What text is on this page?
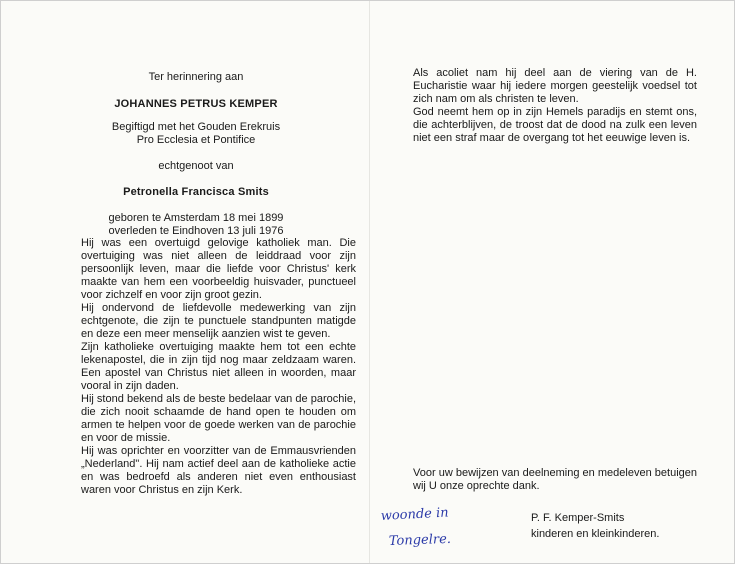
Ter herinnering aan
JOHANNES PETRUS KEMPER
Begiftigd met het Gouden Erekruis
Pro Ecclesia et Pontifice
echtgenoot van
Petronella Francisca Smits
geboren te Amsterdam 18 mei 1899
overleden te Eindhoven 13 juli 1976

Hij was een overtuigd gelovige katholiek man. Die overtuiging was niet alleen de leiddraad voor zijn persoonlijk leven, maar die liefde voor Christus' kerk maakte van hem een voorbeeldig huisvader, punctueel voor zichzelf en voor zijn groot gezin.

Hij ondervond de liefdevolle medewerking van zijn echtgenote, die zijn te punctuele standpunten matigde en deze een meer menselijk aanzien wist te geven.

Zijn katholieke overtuiging maakte hem tot een echte lekenapostel, die in zijn tijd nog maar zeldzaam waren. Een apostel van Christus niet alleen in woorden, maar vooral in zijn daden.

Hij stond bekend als de beste bedelaar van de parochie, die zich nooit schaamde de hand open te houden om armen te helpen voor de goede werken van de parochie en voor de missie.

Hij was oprichter en voorzitter van de Emmausvrienden „Nederland". Hij nam actief deel aan de katholieke actie en was bedroefd als anderen niet even enthousiast waren voor Christus en zijn Kerk.

Als acoliet nam hij deel aan de viering van de H. Eucharistie waar hij iedere morgen geestelijk voedsel tot zich nam om als christen te leven.

God neemt hem op in zijn Hemels paradijs en stemt ons, die achterblijven, de troost dat de dood na zulk een leven niet een straf maar de overgang tot het eeuwige leven is.

Voor uw bewijzen van deelneming en medeleven betuigen wij U onze oprechte dank.

P. F. Kemper-Smits
kinderen en kleinkinderen.
woonde in
Tongelre.
